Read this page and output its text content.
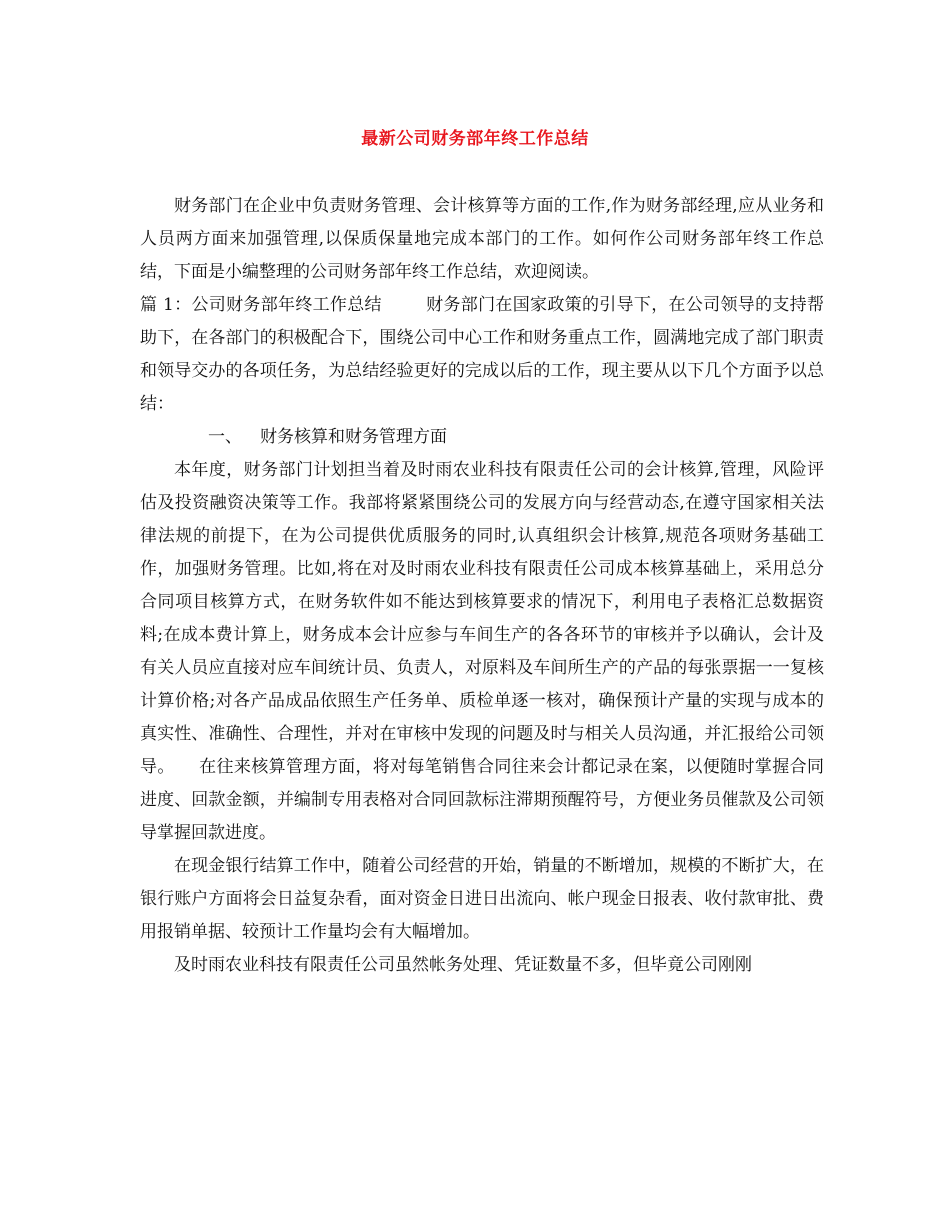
最新公司财务部年终工作总结

财务部门在企业中负责财务管理、会计核算等方面的工作,作为财务部经理,应从业务和人员两方面来加强管理,以保质保量地完成本部门的工作。如何作公司财务部年终工作总结，下面是小编整理的公司财务部年终工作总结，欢迎阅读。

篇 1：公司财务部年终工作总结	财务部门在国家政策的引导下，在公司领导的支持帮助下，在各部门的积极配合下，围绕公司中心工作和财务重点工作，圆满地完成了部门职责和领导交办的各项任务，为总结经验更好的完成以后的工作，现主要从以下几个方面予以总结：

一、 财务核算和财务管理方面

本年度，财务部门计划担当着及时雨农业科技有限责任公司的会计核算,管理，风险评估及投资融资决策等工作。我部将紧紧围绕公司的发展方向与经营动态,在遵守国家相关法律法规的前提下，在为公司提供优质服务的同时,认真组织会计核算,规范各项财务基础工作，加强财务管理。比如,将在对及时雨农业科技有限责任公司成本核算基础上，采用总分合同项目核算方式，在财务软件如不能达到核算要求的情况下，利用电子表格汇总数据资料;在成本费计算上，财务成本会计应参与车间生产的各各环节的审核并予以确认，会计及有关人员应直接对应车间统计员、负责人，对原料及车间所生产的产品的每张票据一一复核计算价格;对各产品成品依照生产任务单、质检单逐一核对，确保预计产量的实现与成本的真实性、准确性、合理性，并对在审核中发现的问题及时与相关人员沟通，并汇报给公司领导。 在往来核算管理方面，将对每笔销售合同往来会计都记录在案，以便随时掌握合同进度、回款金额，并编制专用表格对合同回款标注滞期预醒符号，方便业务员催款及公司领导掌握回款进度。

在现金银行结算工作中，随着公司经营的开始，销量的不断增加，规模的不断扩大，在银行账户方面将会日益复杂看，面对资金日进日出流向、帐户现金日报表、收付款审批、费用报销单据、较预计工作量均会有大幅增加。

及时雨农业科技有限责任公司虽然帐务处理、凭证数量不多，但毕竟公司刚刚
